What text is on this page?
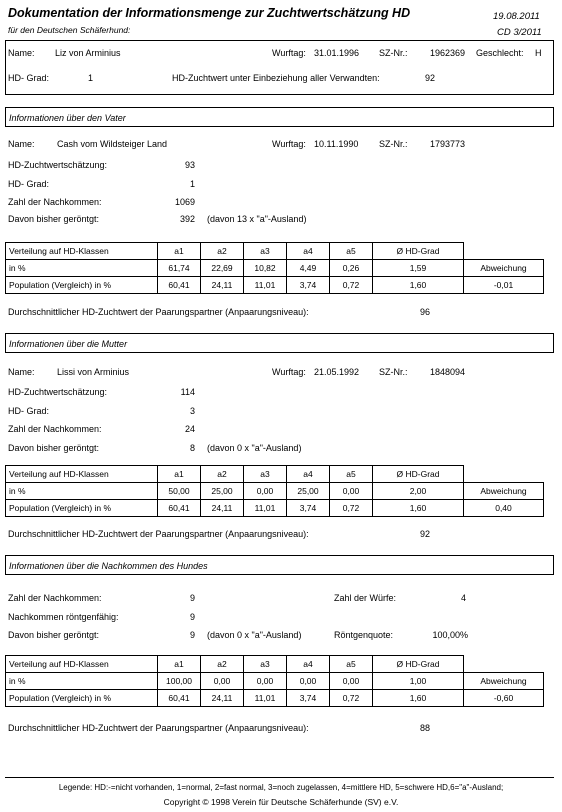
Dokumentation der Informationsmenge zur Zuchtwertschätzung HD
für den Deutschen Schäferhund:
19.08.2011
CD 3/2011
Name: Liz von Arminius	Wurftag: 31.01.1996 SZ-Nr.:	1962369 Geschlecht: H
HD- Grad:	1	HD-Zuchtwert unter Einbeziehung aller Verwandten:	92
Informationen über den Vater
Name: Cash vom Wildsteiger Land	Wurftag: 10.11.1990 SZ-Nr.:	1793773
HD-Zuchtwertschätzung:	93
HD- Grad:	1
Zahl der Nachkommen:	1069
Davon bisher geröntgt:	392 (davon 13 x "a"-Ausland)
Verteilung auf HD-Klassen	a1	a2	a3	a4	a5	Ø HD-Grad	
in %	61,74	22,69	10,82	4,49	0,26	1,59	Abweichung
Population (Vergleich) in %	60,41	24,11	11,01	3,74	0,72	1,60	-0,01
Durchschnittlicher HD-Zuchtwert der Paarungspartner (Anpaarungsniveau):	96
Informationen über die Mutter
Name: Lissi von Arminius	Wurftag: 21.05.1992 SZ-Nr.:	1848094
HD-Zuchtwertschätzung:	114
HD- Grad:	3
Zahl der Nachkommen:	24
Davon bisher geröntgt:	8 (davon 0 x "a"-Ausland)
Verteilung auf HD-Klassen	a1	a2	a3	a4	a5	Ø HD-Grad	
in %	50,00	25,00	0,00	25,00	0,00	2,00	Abweichung
Population (Vergleich) in %	60,41	24,11	11,01	3,74	0,72	1,60	0,40
Durchschnittlicher HD-Zuchtwert der Paarungspartner (Anpaarungsniveau):	92
Informationen über die Nachkommen des Hundes
Zahl der Nachkommen:	9	Zahl der Würfe:	4
Nachkommen röntgenfähig:	9
Davon bisher geröntgt:	9 (davon 0 x "a"-Ausland)	Röntgenquote:	100,00%
Verteilung auf HD-Klassen	a1	a2	a3	a4	a5	Ø HD-Grad	
in %	100,00	0,00	0,00	0,00	0,00	1,00	Abweichung
Population (Vergleich) in %	60,41	24,11	11,01	3,74	0,72	1,60	-0,60
Durchschnittlicher HD-Zuchtwert der Paarungspartner (Anpaarungsniveau):	88
Legende: HD:-=nicht vorhanden, 1=normal, 2=fast normal, 3=noch zugelassen, 4=mittlere HD, 5=schwere HD,6="a"-Ausland;
Copyright © 1998 Verein für Deutsche Schäferhunde (SV) e.V.
